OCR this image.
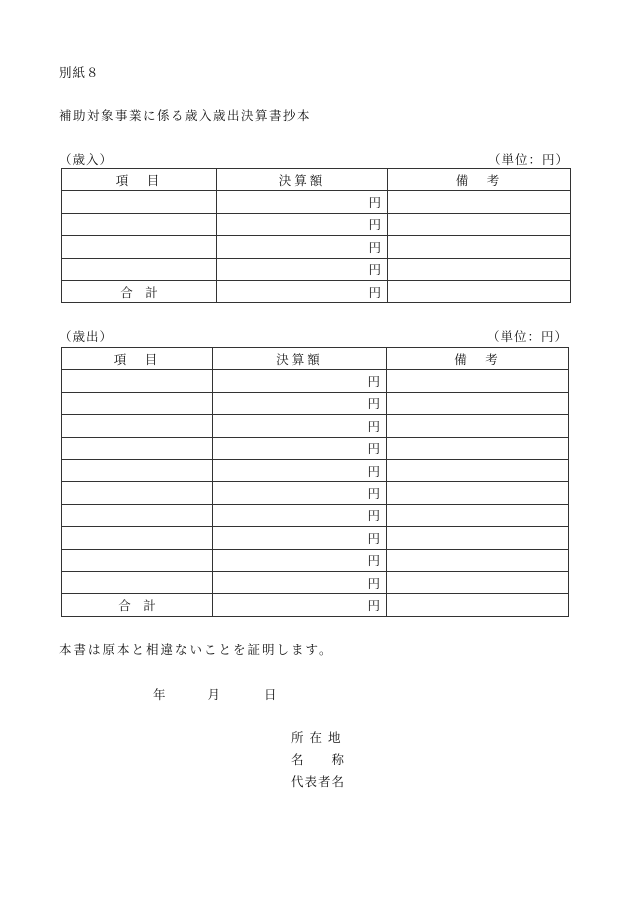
別紙８
補助対象事業に係る歳入歳出決算書抄本
（歳入）	（単位：円）
項　目	決算額	備　考
	円	
	円	
	円	
	円	
合　計	円	
（歳出）	（単位：円）
項　目	決算額	備　考
	円	
	円	
	円	
	円	
	円	
	円	
	円	
	円	
	円	
	円	
合　計	円	
本書は原本と相違ないことを証明します。
年	月	日
所 在 地
名　　称
代表者名
